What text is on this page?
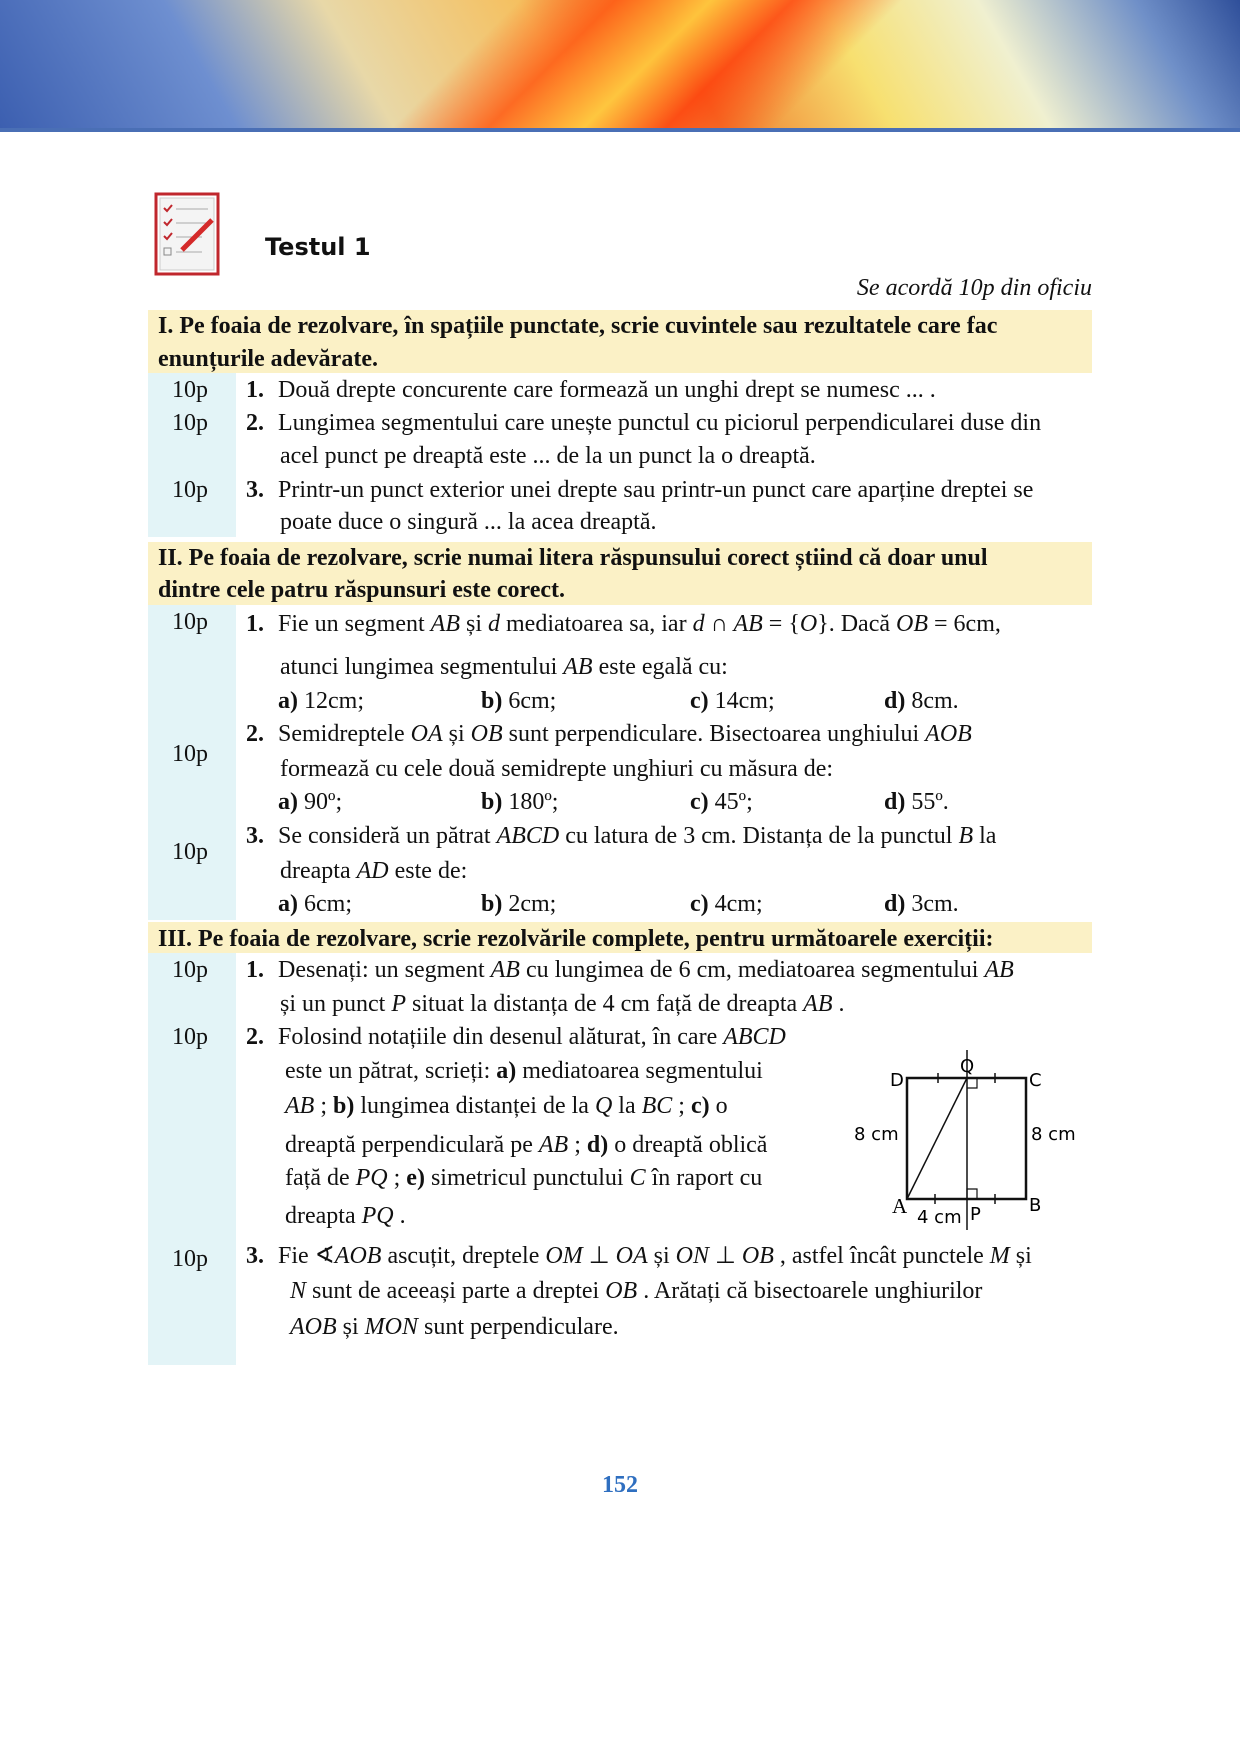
Testul 1
Se acordă 10p din oficiu
I. Pe foaia de rezolvare, în spațiile punctate, scrie cuvintele sau rezultatele care fac
enunțurile adevărate.
10p 1. Două drepte concurente care formează un unghi drept se numesc ... .
10p 2. Lungimea segmentului care unește punctul cu piciorul perpendicularei duse din
acel punct pe dreaptă este ... de la un punct la o dreaptă.
10p 3. Printr-un punct exterior unei drepte sau printr-un punct care aparține dreptei se
poate duce o singură ... la acea dreaptă.
II. Pe foaia de rezolvare, scrie numai litera răspunsului corect știind că doar unul
dintre cele patru răspunsuri este corect.
10p 1. Fie un segment AB și d mediatoarea sa, iar d ∩ AB = {O}. Dacă OB = 6cm,
atunci lungimea segmentului AB este egală cu:
a) 12cm;	b) 6cm;	c) 14cm;	d) 8cm.
10p
2. Semidreptele OA și OB sunt perpendiculare. Bisectoarea unghiului AOB
formează cu cele două semidrepte unghiuri cu măsura de:
a) 90º;	b) 180º;	c) 45º;	d) 55º.
10p
3. Se consideră un pătrat ABCD cu latura de 3 cm. Distanța de la punctul B la
dreapta AD este de:
a) 6cm;	b) 2cm;	c) 4cm;	d) 3cm.
III. Pe foaia de rezolvare, scrie rezolvările complete, pentru următoarele exerciții:
10p 1. Desenați: un segment AB cu lungimea de 6 cm, mediatoarea segmentului AB
și un punct P situat la distanța de 4 cm față de dreapta AB .
10p 2. Folosind notațiile din desenul alăturat, în care ABCD
este un pătrat, scrieți: a) mediatoarea segmentului
AB ; b) lungimea distanței de la Q la BC ; c) o
dreaptă perpendiculară pe AB ; d) o dreaptă oblică
față de PQ ; e) simetricul punctului C în raport cu
dreapta PQ .
10p 3. Fie ∢AOB ascuțit, dreptele OM ⊥ OA și ON ⊥ OB , astfel încât punctele M și
N sunt de aceeași parte a dreptei OB . Arătați că bisectoarele unghiurilor
AOB și MON sunt perpendiculare.
D	C
Q
A	B
P
8 cm	8 cm
4 cm
152
